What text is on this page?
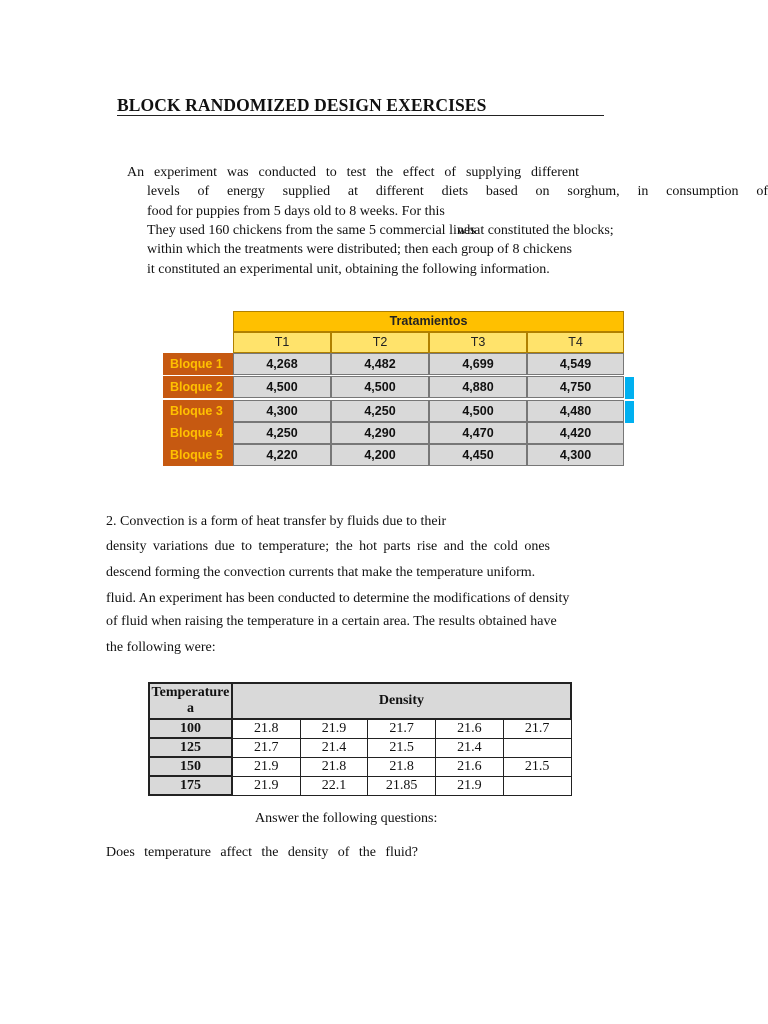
BLOCK RANDOMIZED DESIGN EXERCISES
An experiment was conducted to test the effect of supplying different
levels of energy supplied at different diets based on sorghum, in consumption of
food for puppies from 5 days old to 8 weeks. For this
They used 160 chickens from the same 5 commercial lines
what constituted the blocks;
within which the treatments were distributed; then each group of 8 chickens
it constituted an experimental unit, obtaining the following information.
Tratamientos
T1	T2	T3	T4
Bloque 1	4,268	4,482	4,699	4,549
Bloque 2	4,500	4,500	4,880	4,750
Bloque 3	4,300	4,250	4,500	4,480
Bloque 4	4,250	4,290	4,470	4,420
Bloque 5	4,220	4,200	4,450	4,300
2. Convection is a form of heat transfer by fluids due to their
density variations due to temperature; the hot parts rise and the cold ones
descend forming the convection currents that make the temperature uniform.
fluid. An experiment has been conducted to determine the modifications of density
of fluid when raising the temperature in a certain area. The results obtained have
the following were:
Temperature a	Density				
100	21.8	21.9	21.7	21.6	21.7
125	21.7	21.4	21.5	21.4	
150	21.9	21.8	21.8	21.6	21.5
175	21.9	22.1	21.85	21.9	
Answer the following questions:
Does temperature affect the density of the fluid?
